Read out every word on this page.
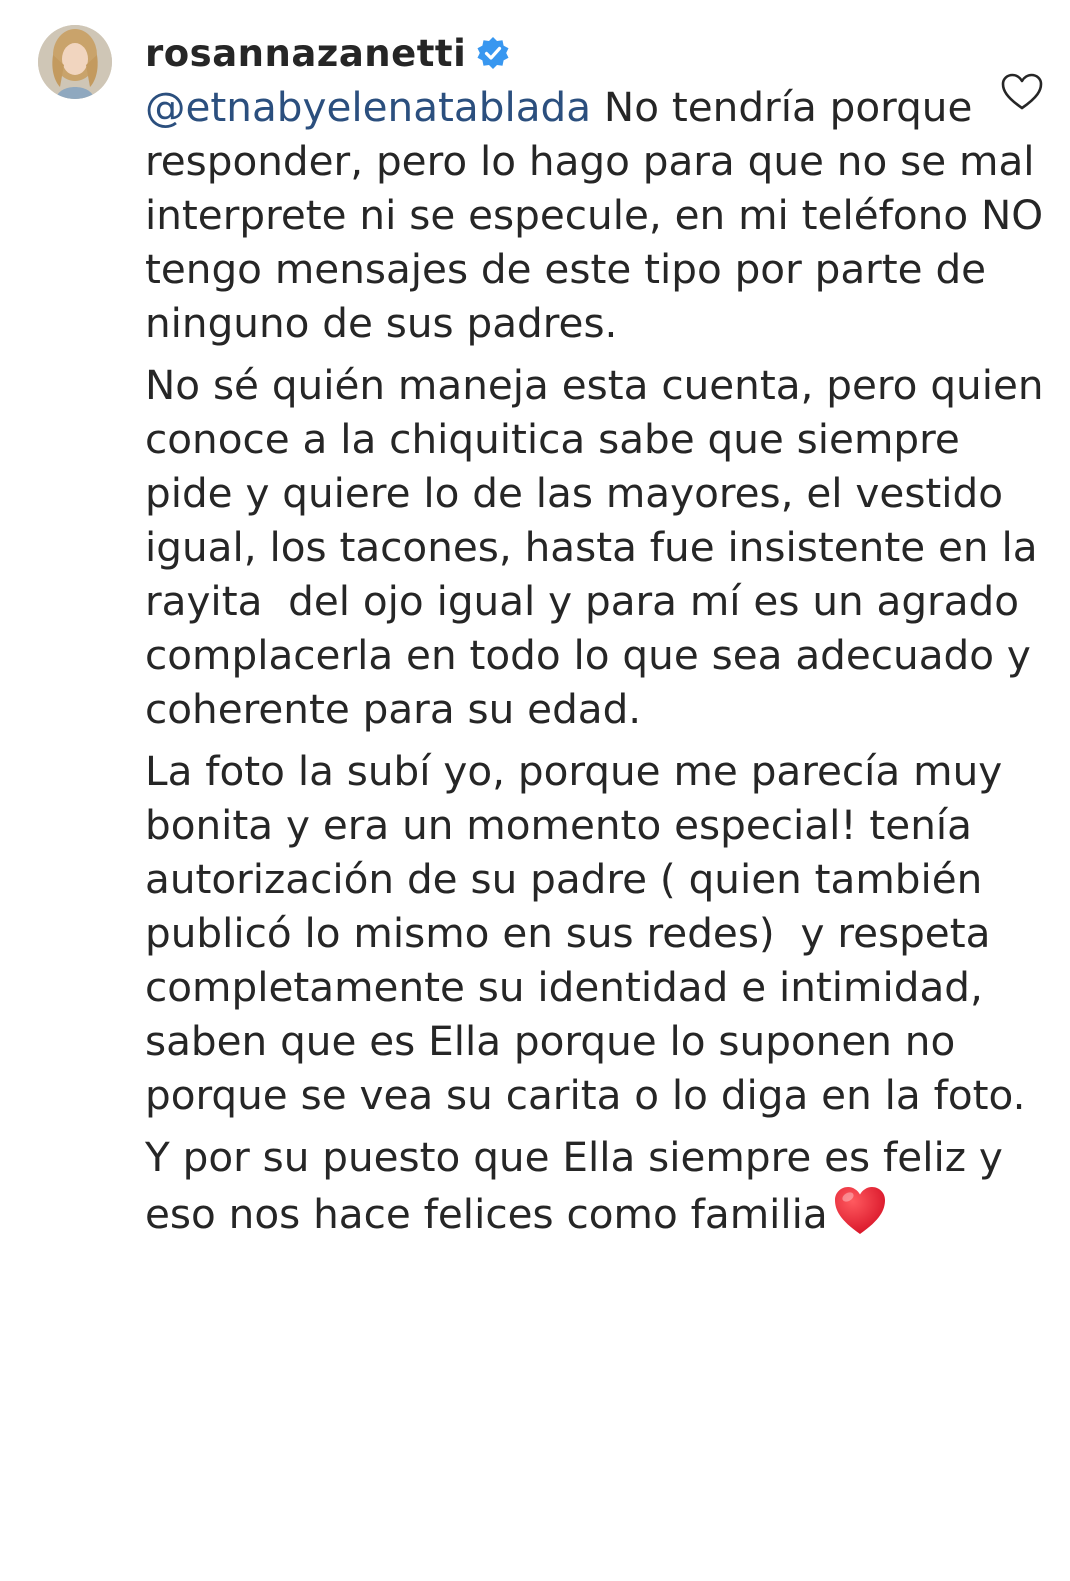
rosannazanetti

@etnabyelenatablada No tendría porque responder, pero lo hago para que no se mal interprete ni se especule, en mi teléfono NO tengo mensajes de este tipo por parte de ninguno de sus padres.

No sé quién maneja esta cuenta, pero quien conoce a la chiquitica sabe que siempre pide y quiere lo de las mayores, el vestido igual, los tacones, hasta fue insistente en la rayita  del ojo igual y para mí es un agrado complacerla en todo lo que sea adecuado y coherente para su edad.

La foto la subí yo, porque me parecía muy bonita y era un momento especial! tenía autorización de su padre ( quien también publicó lo mismo en sus redes)  y respeta completamente su identidad e intimidad, saben que es Ella porque lo suponen no porque se vea su carita o lo diga en la foto.

Y por su puesto que Ella siempre es feliz y eso nos hace felices como familia
